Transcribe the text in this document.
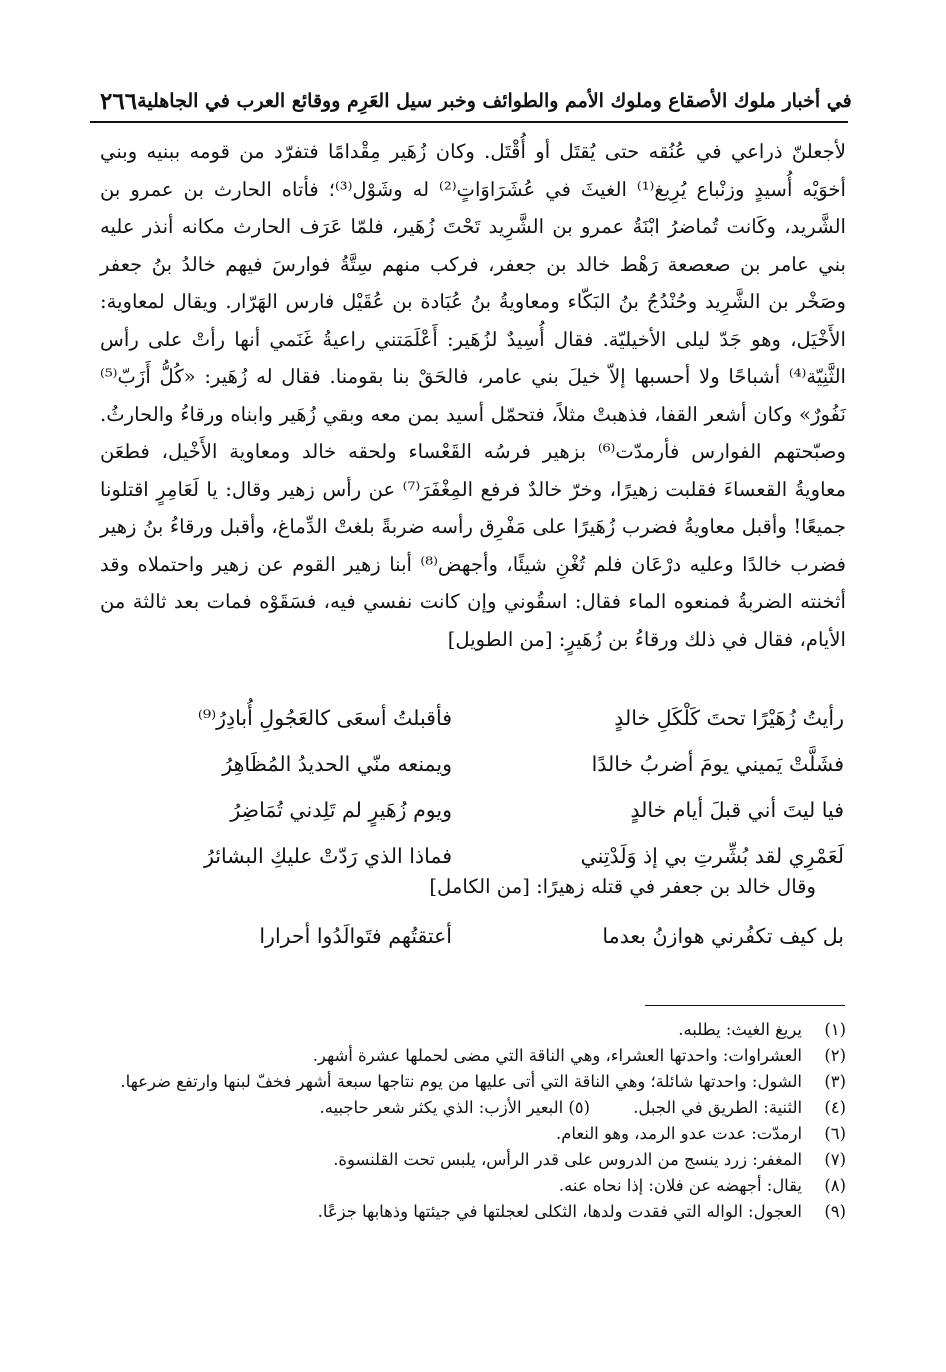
٢٦٦ في أخبار ملوك الأصقاع وملوك الأمم والطوائف وخبر سيل العَرِم ووقائع العرب في الجاهلية

لأجعلنّ ذراعي في عُنُقه حتى يُقتَل أو أُقْتَل. وكان زُهَير مِقْدامًا فتفرّد من قومه ببنيه وبني أخوَيْه أُسيدٍ وزنْباع يُرِيغ⁽¹⁾ الغيثَ في عُشَرَاوَاتٍ⁽²⁾ له وشَوْل⁽³⁾؛ فأتاه الحارث بن عمرو بن الشَّريد، وكَانت تُماضرُ ابْنَةُ عمرو بن الشَّرِيد تَحْتَ زُهَير، فلمّا عَرَف الحارث مكانه أنذر عليه بني عامر بن صعصعة رَهْط خالد بن جعفر، فركب منهم سِتَّةُ فوارسَ فيهم خالدُ بنُ جعفر وصَخْر بن الشَّرِيد وحُنْدُجُ بنُ البَكّاء ومعاويةُ بنُ عُبَادة بن عُقَيْل فارس الهَرّار. ويقال لمعاوية: الأَخْيَل، وهو جَدّ ليلى الأخيليّة. فقال أُسِيدٌ لزُهَير: أَعْلَمَتني راعيةُ غَنَمي أنها رأتْ على رأس الثَّنِيّة⁽⁴⁾ أشباحًا ولا أحسبها إلاّ خيلَ بني عامر، فالحَقْ بنا بقومنا. فقال له زُهَير: «كُلُّ أَزَبّ⁽⁵⁾ نَفُورٌ» وكان أشعر القفا، فذهبتْ مثلاً، فتحمّل أسيد بمن معه وبقي زُهَير وابناه ورقاءُ والحارثُ. وصبّحتهم الفوارس فأرمدّت⁽⁶⁾ بزهير فرسُه القَعْساء ولحقه خالد ومعاوية الأَخْيل، فطعَن معاويةُ القعساءَ فقلبت زهيرًا، وخرّ خالدٌ فرفع المِغْفَرَ⁽⁷⁾ عن رأس زهير وقال: يا لَعَامِرٍ اقتلونا جميعًا! وأقبل معاويةُ فضرب زُهَيرًا على مَفْرِق رأسه ضربةً بلغتْ الدِّماغ، وأقبل ورقاءُ بنُ زهير فضرب خالدًا وعليه درْعَان فلم تُغْنِ شيئًا، وأجهض⁽⁸⁾ أبنا زهير القوم عن زهير واحتملاه وقد أثخنته الضربةُ فمنعوه الماء فقال: اسقُوني وإن كانت نفسي فيه، فسَقَوْه فمات بعد ثالثة من الأيام، فقال في ذلك ورقاءُ بن زُهَيرٍ: [من الطويل]

رأيتُ زُهَيْرًا تحتَ كَلْكَلِ خالدٍ
فأقبلتُ أسعَى كالعَجُولِ أُبادِرُ⁽⁹⁾
فشَلَّتْ يَميني يومَ أضربُ خالدًا
ويمنعه منّي الحديدُ المُظَاهِرُ
فيا ليتَ أني قبلَ أيام خالدٍ
ويوم زُهَيرٍ لم تَلِدني تُمَاضِرُ
لَعَمْرِي لقد بُشِّرتِ بي إذ وَلَدْتِني
فماذا الذي رَدّتْ عليكِ البشائرُ
وقال خالد بن جعفر في قتله زهيرًا: [من الكامل]
بل كيف تكفُرني هوازنُ بعدما
أعتقتُهم فتَوالَدُوا أحرارا
(١)
يريغ الغيث: يطلبه.
(٢)
العشراوات: واحدتها العشراء، وهي الناقة التي مضى لحملها عشرة أشهر.
(٣)
الشول: واحدتها شائلة؛ وهي الناقة التي أتى عليها من يوم نتاجها سبعة أشهر فخفّ لبنها وارتفع ضرعها.
(٤)
الثنية: الطريق في الجبل. (٥) البعير الأزب: الذي يكثر شعر حاجبيه.
(٦)
ارمدّت: عدت عدو الرمد، وهو النعام.
(٧)
المغفر: زرد ينسج من الدروس على قدر الرأس، يلبس تحت القلنسوة.
(٨)
يقال: أجهضه عن فلان: إذا نحاه عنه.
(٩)
العجول: الواله التي فقدت ولدها، الثكلى لعجلتها في جيئتها وذهابها جزعًا.
